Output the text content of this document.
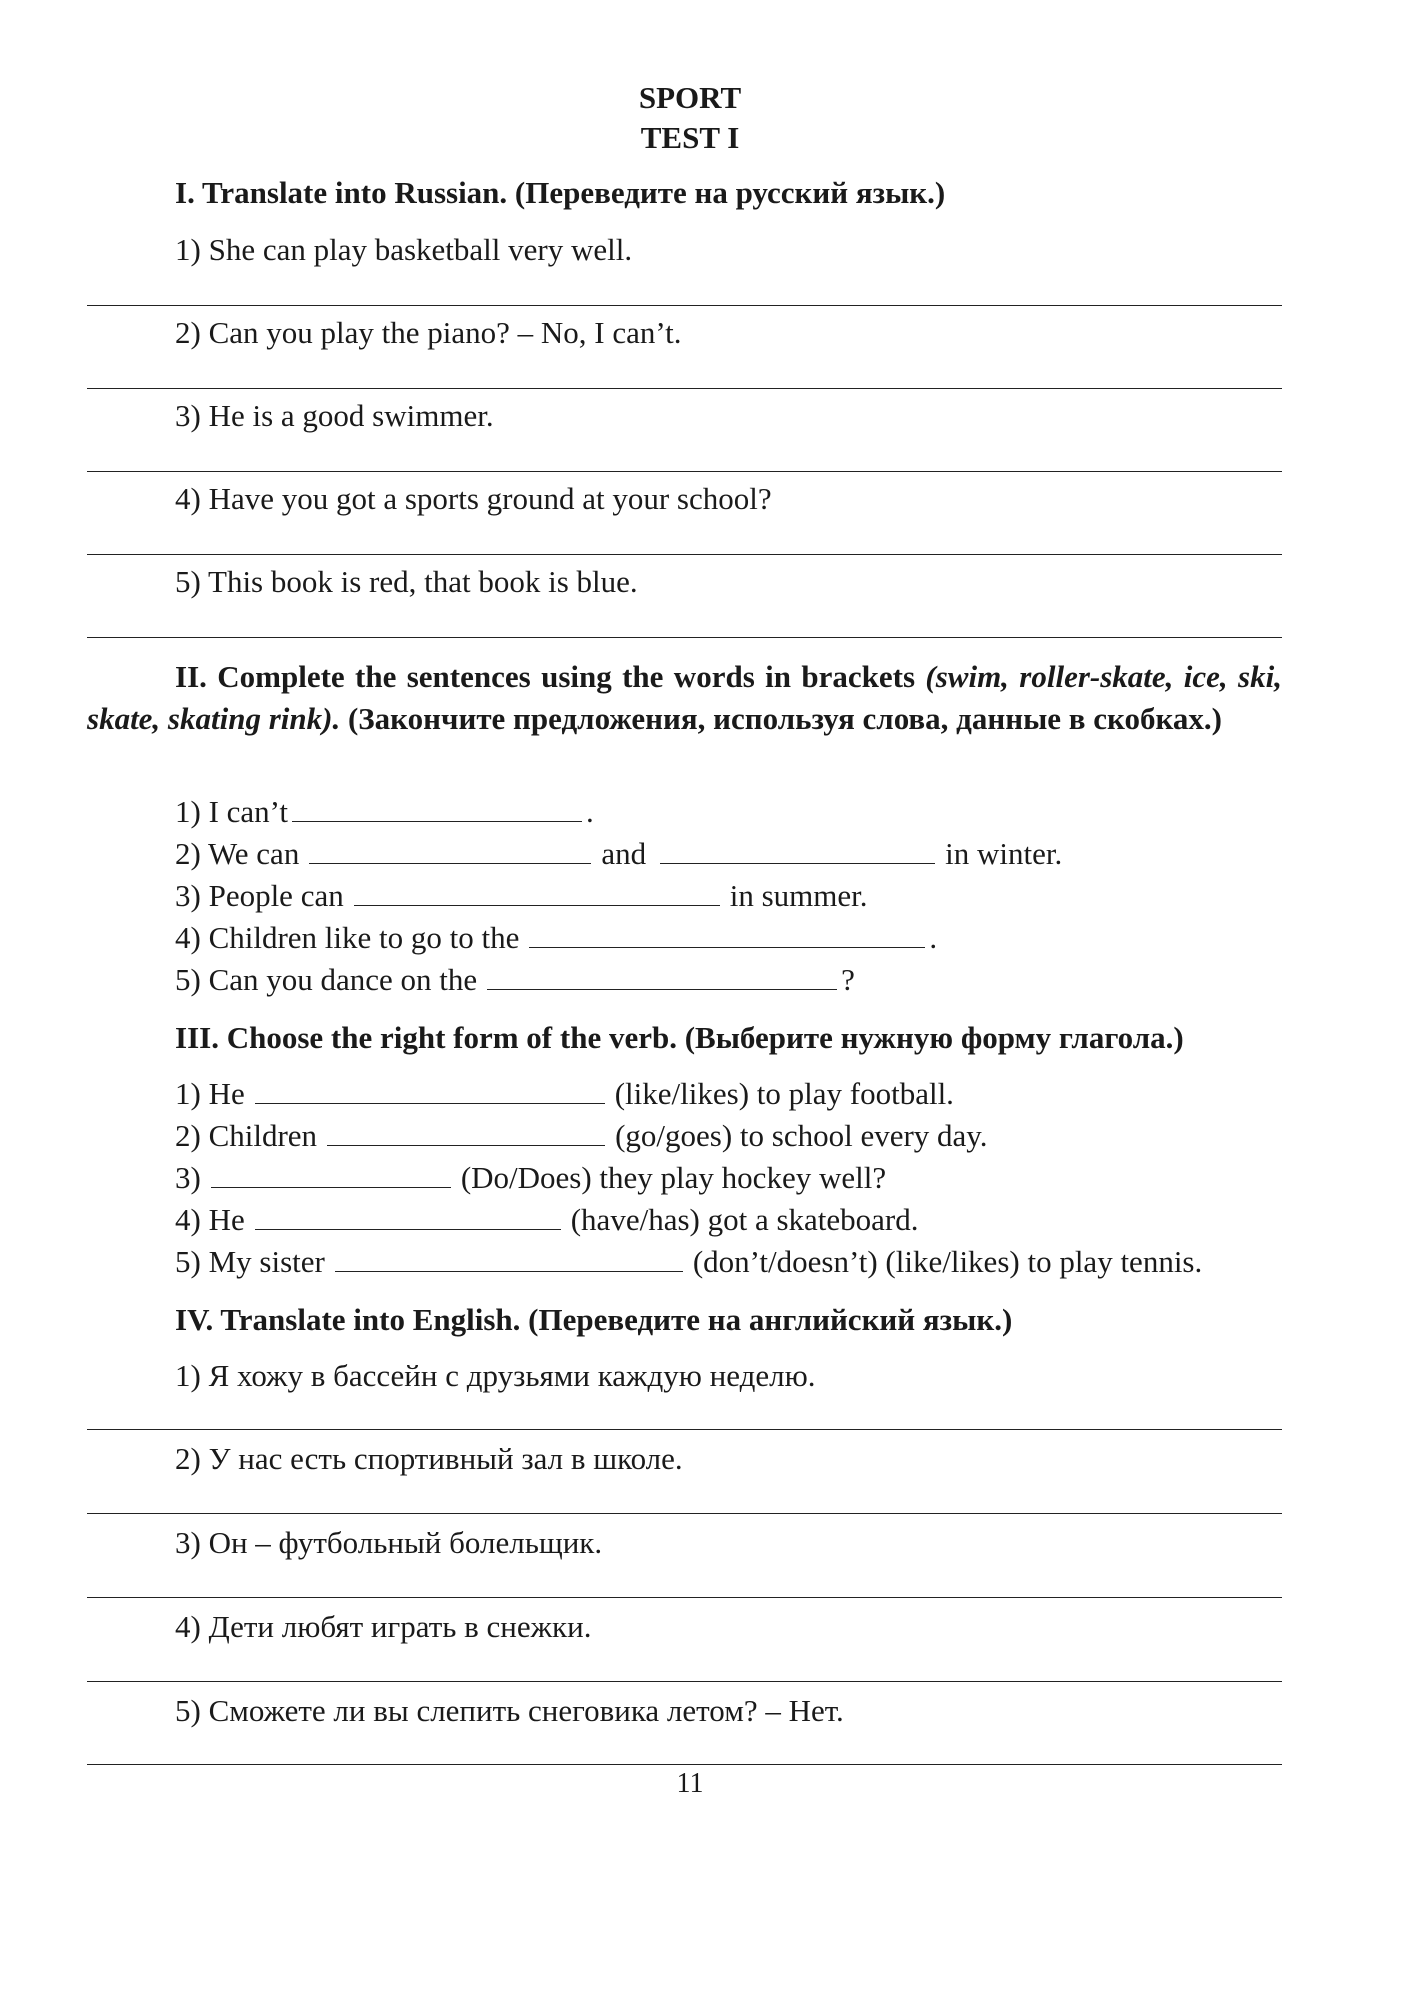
SPORT
TEST I
I. Translate into Russian. (Переведите на русский язык.)
1) She can play basketball very well.
2) Can you play the piano? – No, I can’t.
3) He is a good swimmer.
4) Have you got a sports ground at your school?
5) This book is red, that book is blue.
II. Complete the sentences using the words in brackets (swim, roller-skate, ice, ski, skate, skating rink). (Закончите предложения, используя слова, данные в скобках.)
1) I can’t	.
2) We can	and	in winter.
3) People can	in summer.
4) Children like to go to the	.
5) Can you dance on the	?
III. Choose the right form of the verb. (Выберите нужную форму глагола.)
1) He	(like/likes) to play football.
2) Children	(go/goes) to school every day.
3)	(Do/Does) they play hockey well?
4) He	(have/has) got a skateboard.
5) My sister	(don’t/doesn’t) (like/likes) to play tennis.
IV. Translate into English. (Переведите на английский язык.)
1) Я хожу в бассейн с друзьями каждую неделю.
2) У нас есть спортивный зал в школе.
3) Он – футбольный болельщик.
4) Дети любят играть в снежки.
5) Сможете ли вы слепить снеговика летом? – Нет.
11
